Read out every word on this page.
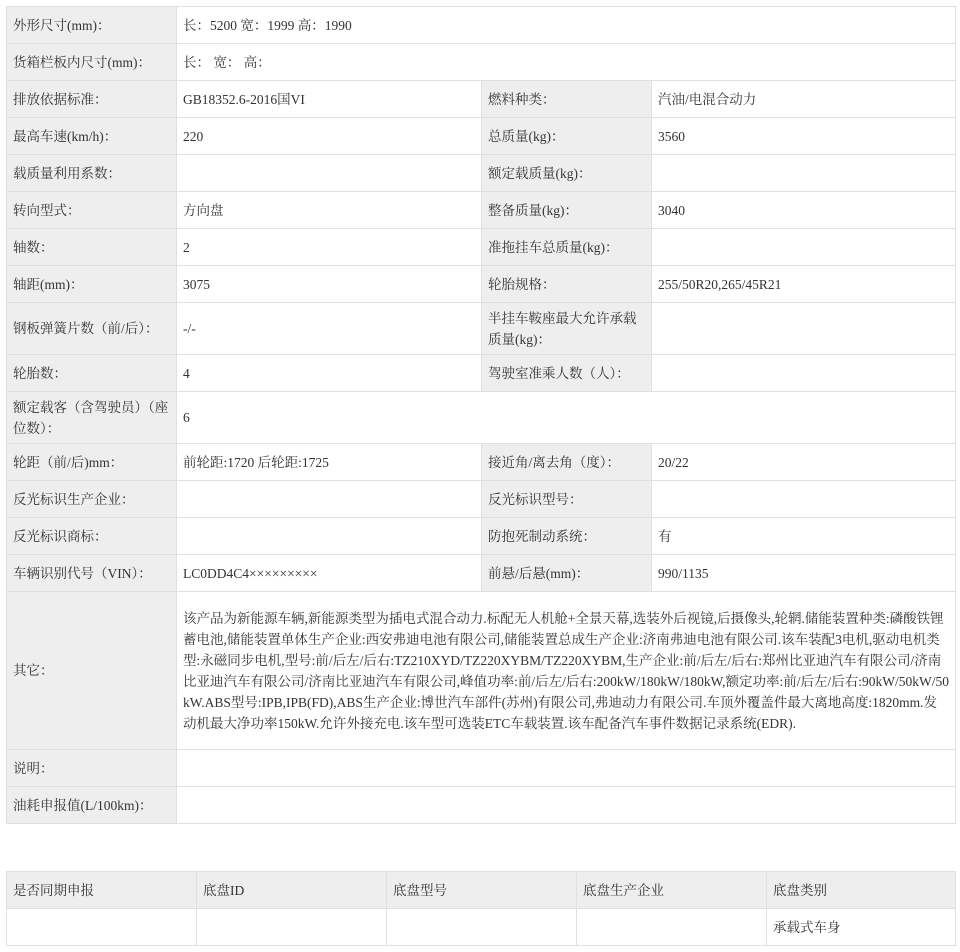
外形尺寸(mm)：	长：5200 宽：1999 高：1990		
货箱栏板内尺寸(mm)：	长： 宽： 高：		
排放依据标准：	GB18352.6-2016国VI	燃料种类：	汽油/电混合动力
最高车速(km/h)：	220	总质量(kg)：	3560
载质量利用系数：		额定载质量(kg)：	
转向型式：	方向盘	整备质量(kg)：	3040
轴数：	2	准拖挂车总质量(kg)：	
轴距(mm)：	3075	轮胎规格：	255/50R20,265/45R21
钢板弹簧片数（前/后）：	-/-	半挂车鞍座最大允许承载质量(kg)：	
轮胎数：	4	驾驶室准乘人数（人）：	
额定载客（含驾驶员）（座位数）：	6		
轮距（前/后)mm：	前轮距:1720 后轮距:1725	接近角/离去角（度）：	20/22
反光标识生产企业：		反光标识型号：	
反光标识商标：		防抱死制动系统：	有
车辆识别代号（VIN）：	LC0DD4C4×××××××××	前悬/后悬(mm)：	990/1135
其它：	该产品为新能源车辆,新能源类型为插电式混合动力.标配无人机舱+全景天幕,选装外后视镜,后摄像头,轮辋.储能装置种类:磷酸铁锂蓄电池,储能装置单体生产企业:西安弗迪电池有限公司,储能装置总成生产企业:济南弗迪电池有限公司.该车装配3电机,驱动电机类型:永磁同步电机,型号:前/后左/后右:TZ210XYD/TZ220XYBM/TZ220XYBM,生产企业:前/后左/后右:郑州比亚迪汽车有限公司/济南比亚迪汽车有限公司/济南比亚迪汽车有限公司,峰值功率:前/后左/后右:200kW/180kW/180kW,额定功率:前/后左/后右:90kW/50kW/50kW.ABS型号:IPB,IPB(FD),ABS生产企业:博世汽车部件(苏州)有限公司,弗迪动力有限公司.车顶外覆盖件最大离地高度:1820mm.发动机最大净功率150kW.允许外接充电.该车型可选装ETC车载装置.该车配备汽车事件数据记录系统(EDR).		
说明：			
油耗申报值(L/100km)：			
是否同期申报	底盘ID	底盘型号	底盘生产企业	底盘类别
				承载式车身
